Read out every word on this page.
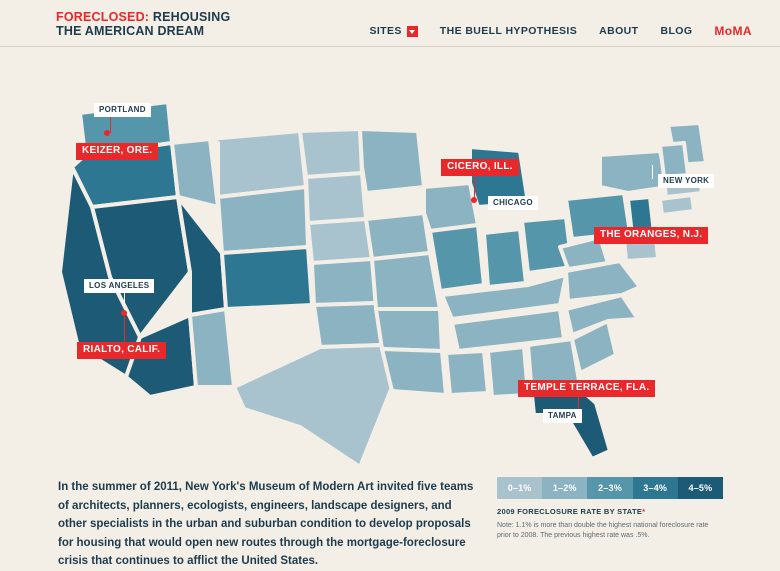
FORECLOSED: REHOUSING
THE AMERICAN DREAM	SITES	THE BUELL HYPOTHESIS ABOUT BLOG MoMA
PORTLAND
KEIZER, ORE.
CICERO, ILL.
CHICAGO
NEW YORK
THE ORANGES, N.J.
LOS ANGELES
RIALTO, CALIF.
TEMPLE TERRACE, FLA.
TAMPA
In the summer of 2011, New York's Museum of Modern Art invited five teams of architects, planners, ecologists, engineers, landscape designers, and other specialists in the urban and suburban condition to develop proposals for housing that would open new routes through the mortgage-foreclosure crisis that continues to afflict the United States.
0–1%	1–2%	2–3%	3–4%	4–5%
2009 FORECLOSURE RATE BY STATE*
Note: 1.1% is more than double the highest national foreclosure rate prior to 2008. The previous highest rate was .5%.
